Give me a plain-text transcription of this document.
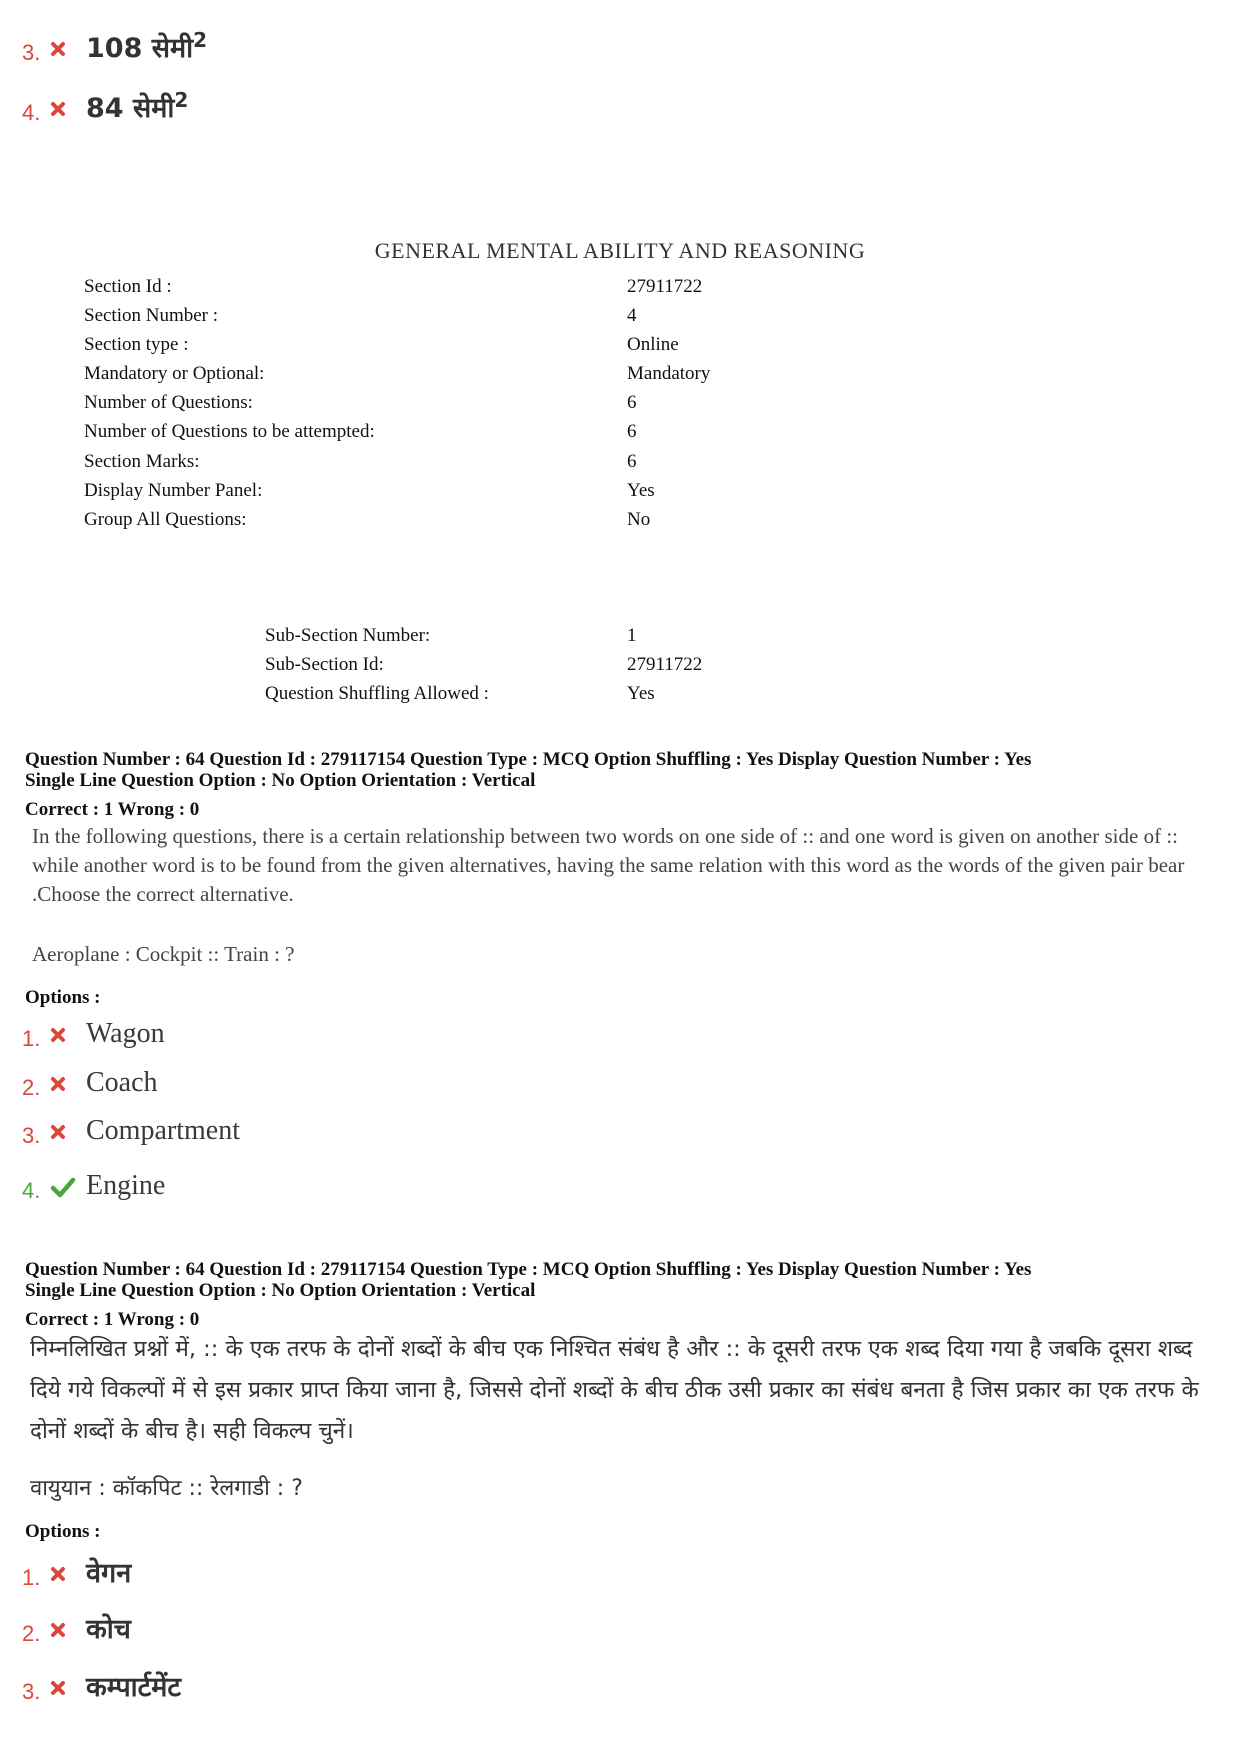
3. 108 सेमी$^2$
4. 84 सेमी$^2$
GENERAL MENTAL ABILITY AND REASONING
Section Id :	27911722
Section Number :	4
Section type :	Online
Mandatory or Optional:	Mandatory
Number of Questions:	6
Number of Questions to be attempted:	6
Section Marks:	6
Display Number Panel:	Yes
Group All Questions:	No
Sub-Section Number:	1
Sub-Section Id:	27911722
Question Shuffling Allowed :	Yes
Question Number : 64 Question Id : 279117154 Question Type : MCQ Option Shuffling : Yes Display Question Number : Yes
Single Line Question Option : No Option Orientation : Vertical
Correct : 1 Wrong : 0
In the following questions, there is a certain relationship between two words on one side of :: and one word is given on another side of :: while another word is to be found from the given alternatives, having the same relation with this word as the words of the given pair bear .Choose the correct alternative.
Aeroplane : Cockpit :: Train : ?
Options :
1. Wagon
2. Coach
3. Compartment
4. Engine
Question Number : 64 Question Id : 279117154 Question Type : MCQ Option Shuffling : Yes Display Question Number : Yes
Single Line Question Option : No Option Orientation : Vertical
Correct : 1 Wrong : 0
निम्नलिखित प्रश्नों में, :: के एक तरफ के दोनों शब्दों के बीच एक निश्चित संबंध है और :: के दूसरी तरफ एक शब्द दिया गया है जबकि दूसरा शब्द दिये गये विकल्पों में से इस प्रकार प्राप्त किया जाना है, जिससे दोनों शब्दों के बीच ठीक उसी प्रकार का संबंध बनता है जिस प्रकार का एक तरफ के दोनों शब्दों के बीच है। सही विकल्प चुनें।
वायुयान : कॉकपिट :: रेलगाडी : ?
Options :
1. वेगन
2. कोच
3. कम्पार्टमेंट
